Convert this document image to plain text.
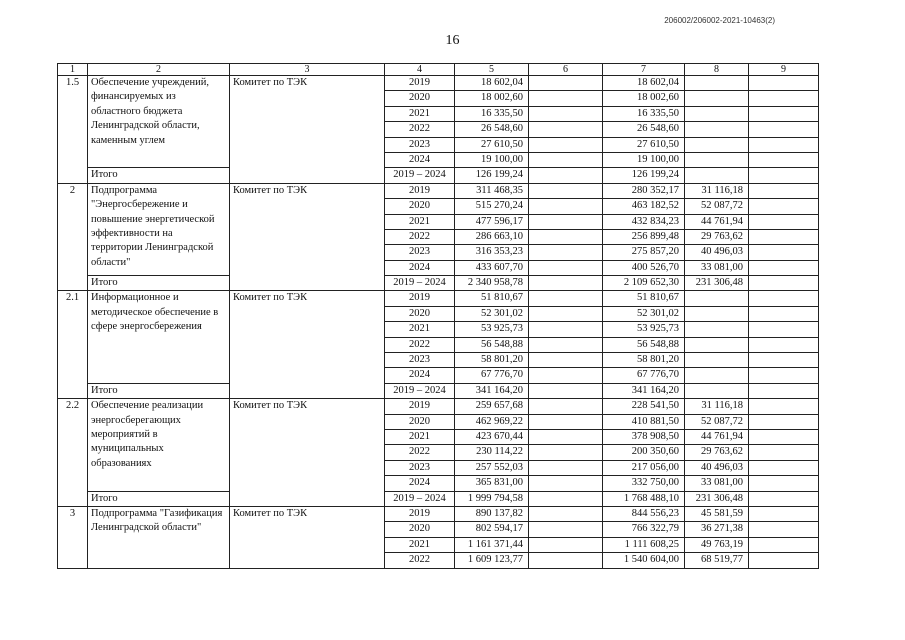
206002/206002-2021-10463(2)
16
1	2	3	4	5	6	7	8	9
1.5	Обеспечение учреждений, финансируемых из областного бюджета Ленинградской области, каменным углем	Комитет по ТЭК	2019	18 602,04		18 602,04		
			2020	18 002,60		18 002,60		
			2021	16 335,50		16 335,50		
			2022	26 548,60		26 548,60		
			2023	27 610,50		27 610,50		
			2024	19 100,00		19 100,00		
	Итого		2019 – 2024	126 199,24		126 199,24		
2	Подпрограмма "Энергосбережение и повышение энергетической эффективности на территории Ленинградской области"	Комитет по ТЭК	2019	311 468,35		280 352,17	31 116,18	
			2020	515 270,24		463 182,52	52 087,72	
			2021	477 596,17		432 834,23	44 761,94	
			2022	286 663,10		256 899,48	29 763,62	
			2023	316 353,23		275 857,20	40 496,03	
			2024	433 607,70		400 526,70	33 081,00	
	Итого		2019 – 2024	2 340 958,78		2 109 652,30	231 306,48	
2.1	Информационное и методическое обеспечение в сфере энергосбережения	Комитет по ТЭК	2019	51 810,67		51 810,67		
			2020	52 301,02		52 301,02		
			2021	53 925,73		53 925,73		
			2022	56 548,88		56 548,88		
			2023	58 801,20		58 801,20		
			2024	67 776,70		67 776,70		
	Итого		2019 – 2024	341 164,20		341 164,20		
2.2	Обеспечение реализации энергосберегающих мероприятий в муниципальных образованиях	Комитет по ТЭК	2019	259 657,68		228 541,50	31 116,18	
			2020	462 969,22		410 881,50	52 087,72	
			2021	423 670,44		378 908,50	44 761,94	
			2022	230 114,22		200 350,60	29 763,62	
			2023	257 552,03		217 056,00	40 496,03	
			2024	365 831,00		332 750,00	33 081,00	
	Итого		2019 – 2024	1 999 794,58		1 768 488,10	231 306,48	
3	Подпрограмма "Газификация Ленинградской области"	Комитет по ТЭК	2019	890 137,82		844 556,23	45 581,59	
			2020	802 594,17		766 322,79	36 271,38	
			2021	1 161 371,44		1 111 608,25	49 763,19	
			2022	1 609 123,77		1 540 604,00	68 519,77	
